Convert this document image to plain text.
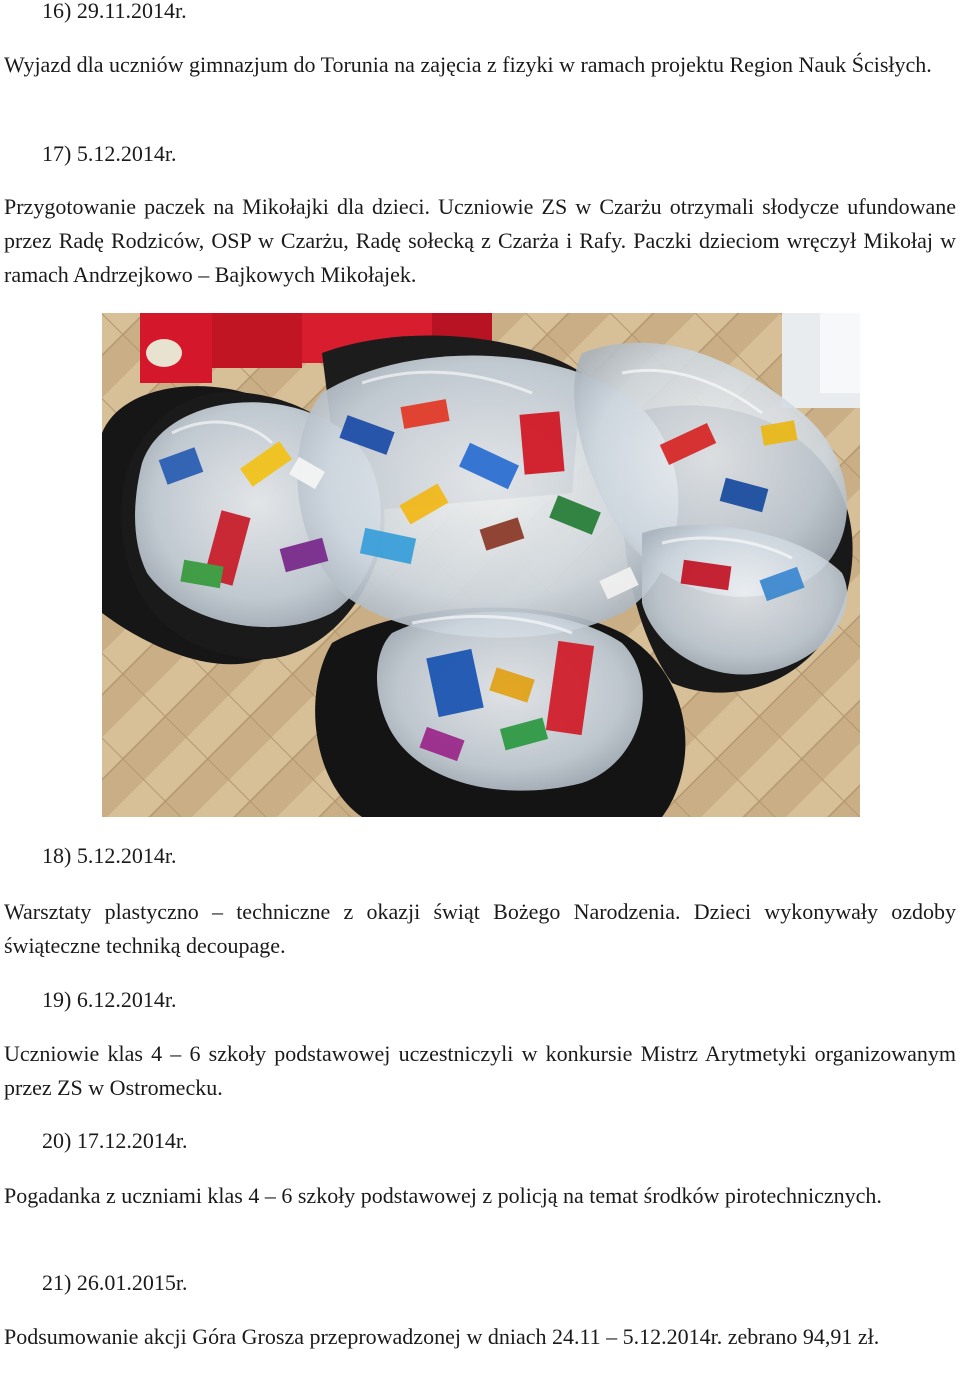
16) 29.11.2014r.
Wyjazd dla uczniów gimnazjum do Torunia na zajęcia z fizyki w ramach projektu Region Nauk Ścisłych.
17) 5.12.2014r.
Przygotowanie paczek na Mikołajki dla dzieci. Uczniowie ZS w Czarżu otrzymali słodycze ufundowane przez Radę Rodziców, OSP w Czarżu, Radę sołecką z Czarża i Rafy. Paczki dzieciom wręczył Mikołaj w ramach Andrzejkowo – Bajkowych Mikołajek.
18) 5.12.2014r.
Warsztaty plastyczno – techniczne z okazji świąt Bożego Narodzenia. Dzieci wykonywały ozdoby świąteczne techniką decoupage.
19) 6.12.2014r.
Uczniowie klas 4 – 6 szkoły podstawowej uczestniczyli w konkursie Mistrz Arytmetyki organizowanym przez ZS w Ostromecku.
20) 17.12.2014r.
Pogadanka z uczniami klas 4 – 6 szkoły podstawowej z policją na temat środków pirotechnicznych.
21) 26.01.2015r.
Podsumowanie akcji Góra Grosza przeprowadzonej w dniach 24.11 – 5.12.2014r. zebrano 94,91 zł.
